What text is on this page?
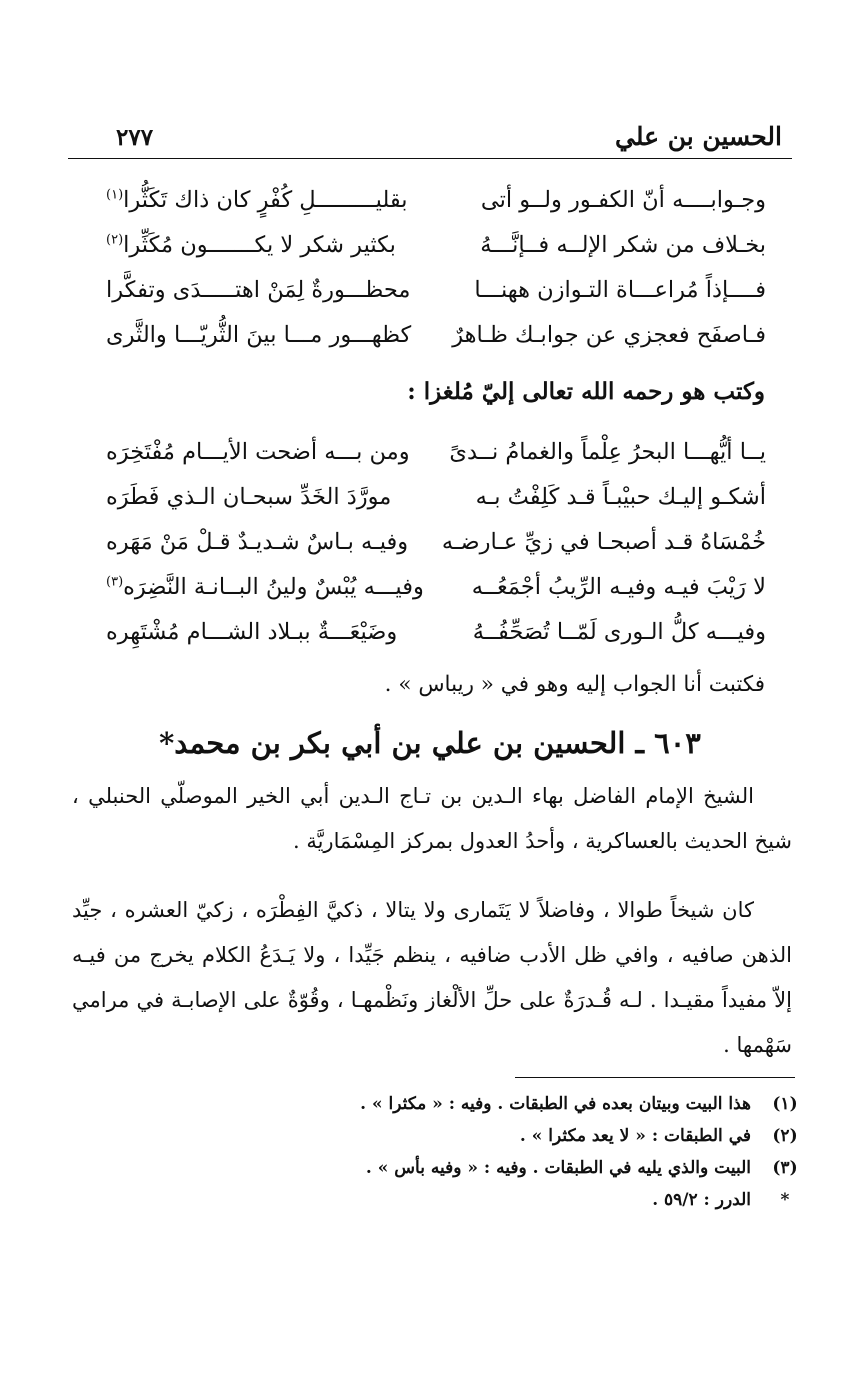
الحسين بن علي
٢٧٧
وجـوابــــه أنّ الكفـور ولــو أتى
بقليـــــــــلِ كُفْرٍ كان ذاك تَكَثُّرا$^{(١)}$
بخـلاف من شكر الإلــه فــإنَّـــهُ
بكثير شكر لا يكـــــــون مُكَثِّرا$^{(٢)}$
فــــإذاً مُراعـــاة التـوازن ههنـــا
محظـــورةٌ لِمَنْ اهتـــــدَى وتفكَّرا
فـاصفَح فعجزي عن جوابـك ظـاهرٌ
كظهـــور مـــا بينَ الثُّريّـــا والثَّرى
وكتب هو رحمه الله تعالى إليّ مُلغزا :
يــا أيُّهـــا البحرُ عِلْماً والغمامُ نــدىً
ومن بـــه أضحت الأيـــام مُفْتَخِرَه
أشكـو إليـك حبيْبـاً قـد كَلِفْتُ بـه
مورَّدَ الخَدِّ سبحـان الـذي فَطَرَه
خُمْسَاهُ قـد أصبحـا في زيِّ عـارضـه
وفيـه بـاسٌ شـديـدٌ قـلْ مَنْ مَهَره
لا رَيْبَ فيـه وفيـه الرِّيبُ أجْمَعُــه
وفيـــه يُبْسٌ ولينُ البــانـة النَّضِرَه$^{(٣)}$
وفيـــه كلُّ الـورى لَمّــا تُصَحِّفُــهُ
وضَيْعَـــةٌ ببـلاد الشـــام مُشْتَهِره
فكتبت أنا الجواب إليه وهو في « ريباس » .
٦٠٣ ـ الحسين بن علي بن أبي بكر بن محمد*

الشيخ الإمام الفاضل بهاء الـدين بن تـاج الـدين أبي الخير الموصلّي الحنبلي ، شيخ الحديث بالعساكرية ، وأحدُ العدول بمركز المِسْمَاريَّة .

كان شيخاً طوالا ، وفاضلاً لا يَتَمارى ولا يتالا ، ذكيَّ الفِطْرَه ، زكيّ العشره ، جيِّد الذهن صافيه ، وافي ظل الأدب ضافيه ، ينظم جَيِّدا ، ولا يَـدَعُ الكلام يخرج من فيـه إلاّ مفيداً مقيـدا . لـه قُـدرَةٌ على حلِّ الألْغاز ونَظْمهـا ، وقُوّةٌ على الإصابـة في مرامي سَهْمها .

(١)هذا البيت وبيتان بعده في الطبقات . وفيه : « مكثرا » .
(٢)في الطبقات : « لا يعد مكثرا » .
(٣)البيت والذي يليه في الطبقات . وفيه : « وفيه بأس » .
*الدرر : ٥٩/٢ .
